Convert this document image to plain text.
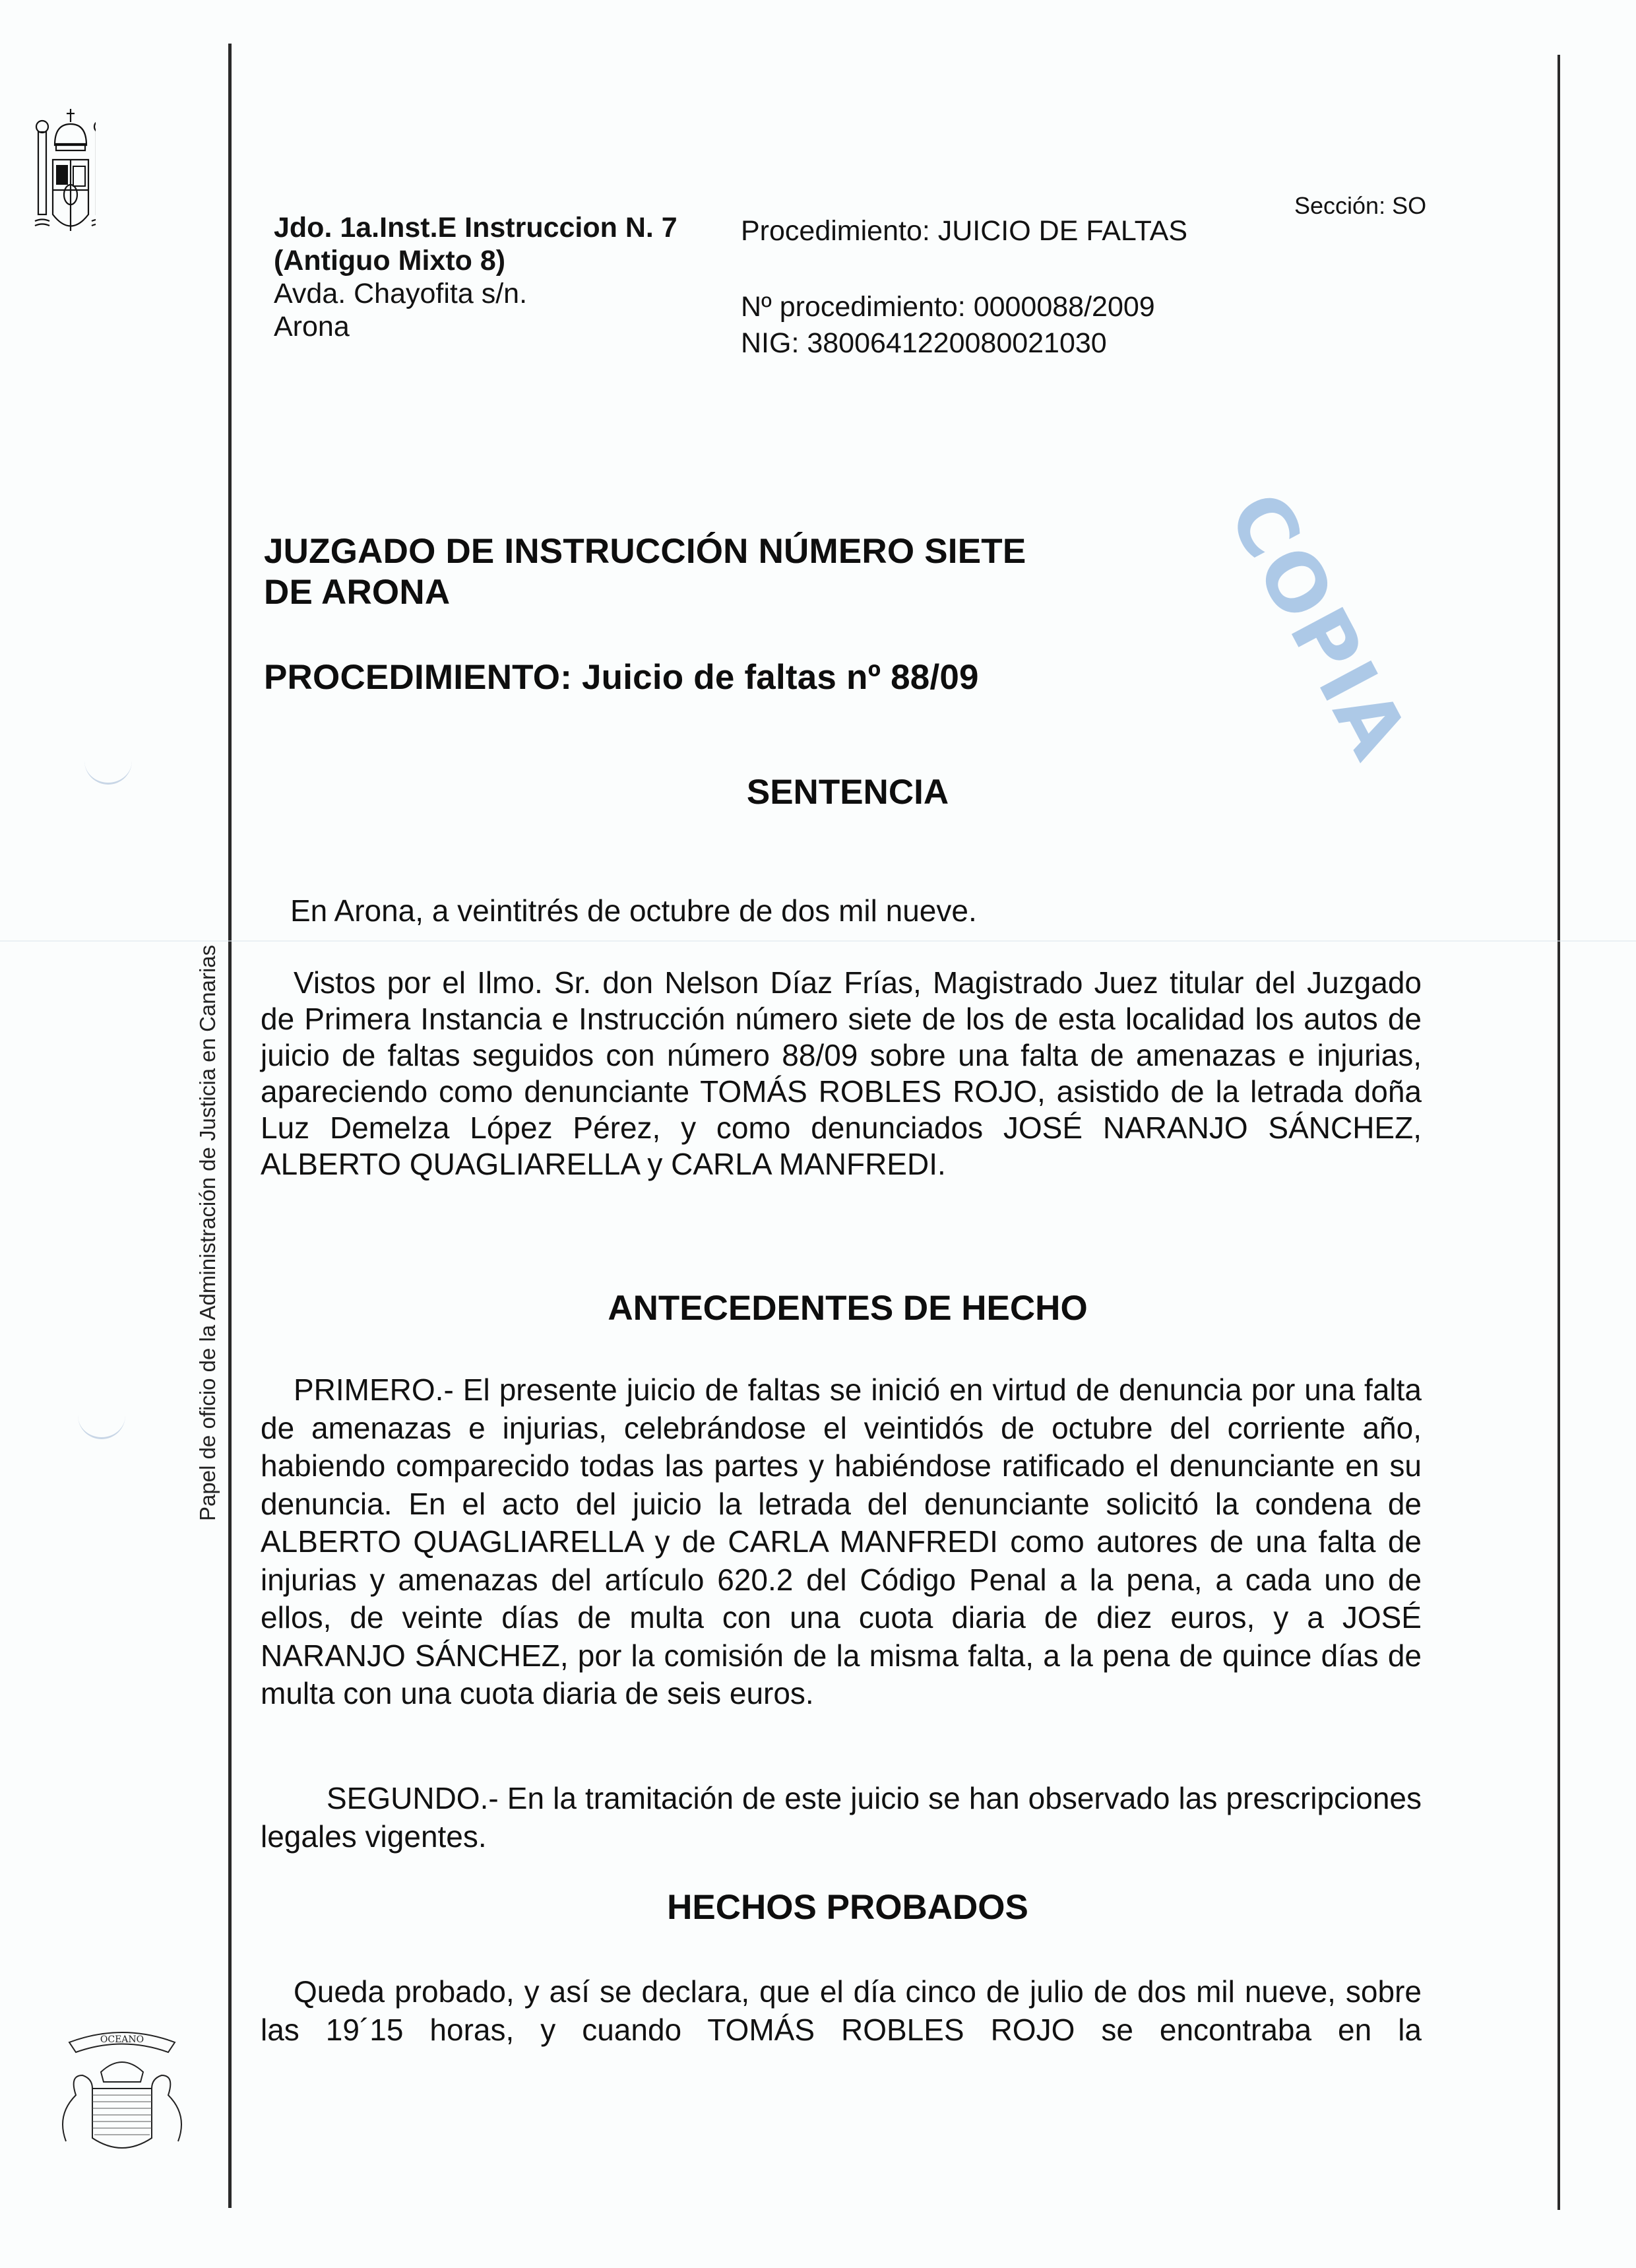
OCEANO
Papel de oficio de la Administración de Justicia en Canarias
Jdo. 1a.Inst.E Instruccion N. 7
(Antiguo Mixto 8)
Avda. Chayofita s/n.
Arona
Sección: SO
Procedimiento: JUICIO DE FALTAS
Nº procedimiento: 0000088/2009
NIG: 38006412200800210​30
COPIA
JUZGADO DE INSTRUCCIÓN NÚMERO SIETE
DE ARONA
PROCEDIMIENTO: Juicio de faltas nº 88/09
SENTENCIA
En Arona, a veintitrés de octubre de dos mil nueve.
Vistos por el Ilmo. Sr. don Nelson Díaz Frías, Magistrado Juez titular del Juzgado de Primera Instancia e Instrucción número siete de los de esta localidad los autos de juicio de faltas seguidos con número 88/09 sobre una falta de amenazas e injurias, apareciendo como denunciante TOMÁS ROBLES ROJO, asistido de la letrada doña Luz Demelza López Pérez, y como denunciados JOSÉ NARANJO SÁNCHEZ, ALBERTO QUAGLIARELLA y CARLA MANFREDI.
ANTECEDENTES DE HECHO
PRIMERO.- El presente juicio de faltas se inició en virtud de denuncia por una falta de amenazas e injurias, celebrándose el veintidós de octubre del corriente año, habiendo comparecido todas las partes y habiéndose ratificado el denunciante en su denuncia. En el acto del juicio la letrada del denunciante solicitó la condena de ALBERTO QUAGLIARELLA y de CARLA MANFREDI como autores de una falta de injurias y amenazas del artículo 620.2 del Código Penal a la pena, a cada uno de ellos, de veinte días de multa con una cuota diaria de diez euros, y a JOSÉ NARANJO SÁNCHEZ, por la comisión de la misma falta, a la pena de quince días de multa con una cuota diaria de seis euros.
SEGUNDO.- En la tramitación de este juicio se han observado las prescripciones legales vigentes.
HECHOS PROBADOS
Queda probado, y así se declara, que el día cinco de julio de dos mil nueve, sobre las 19´15 horas, y cuando TOMÁS ROBLES ROJO se encontraba en la
